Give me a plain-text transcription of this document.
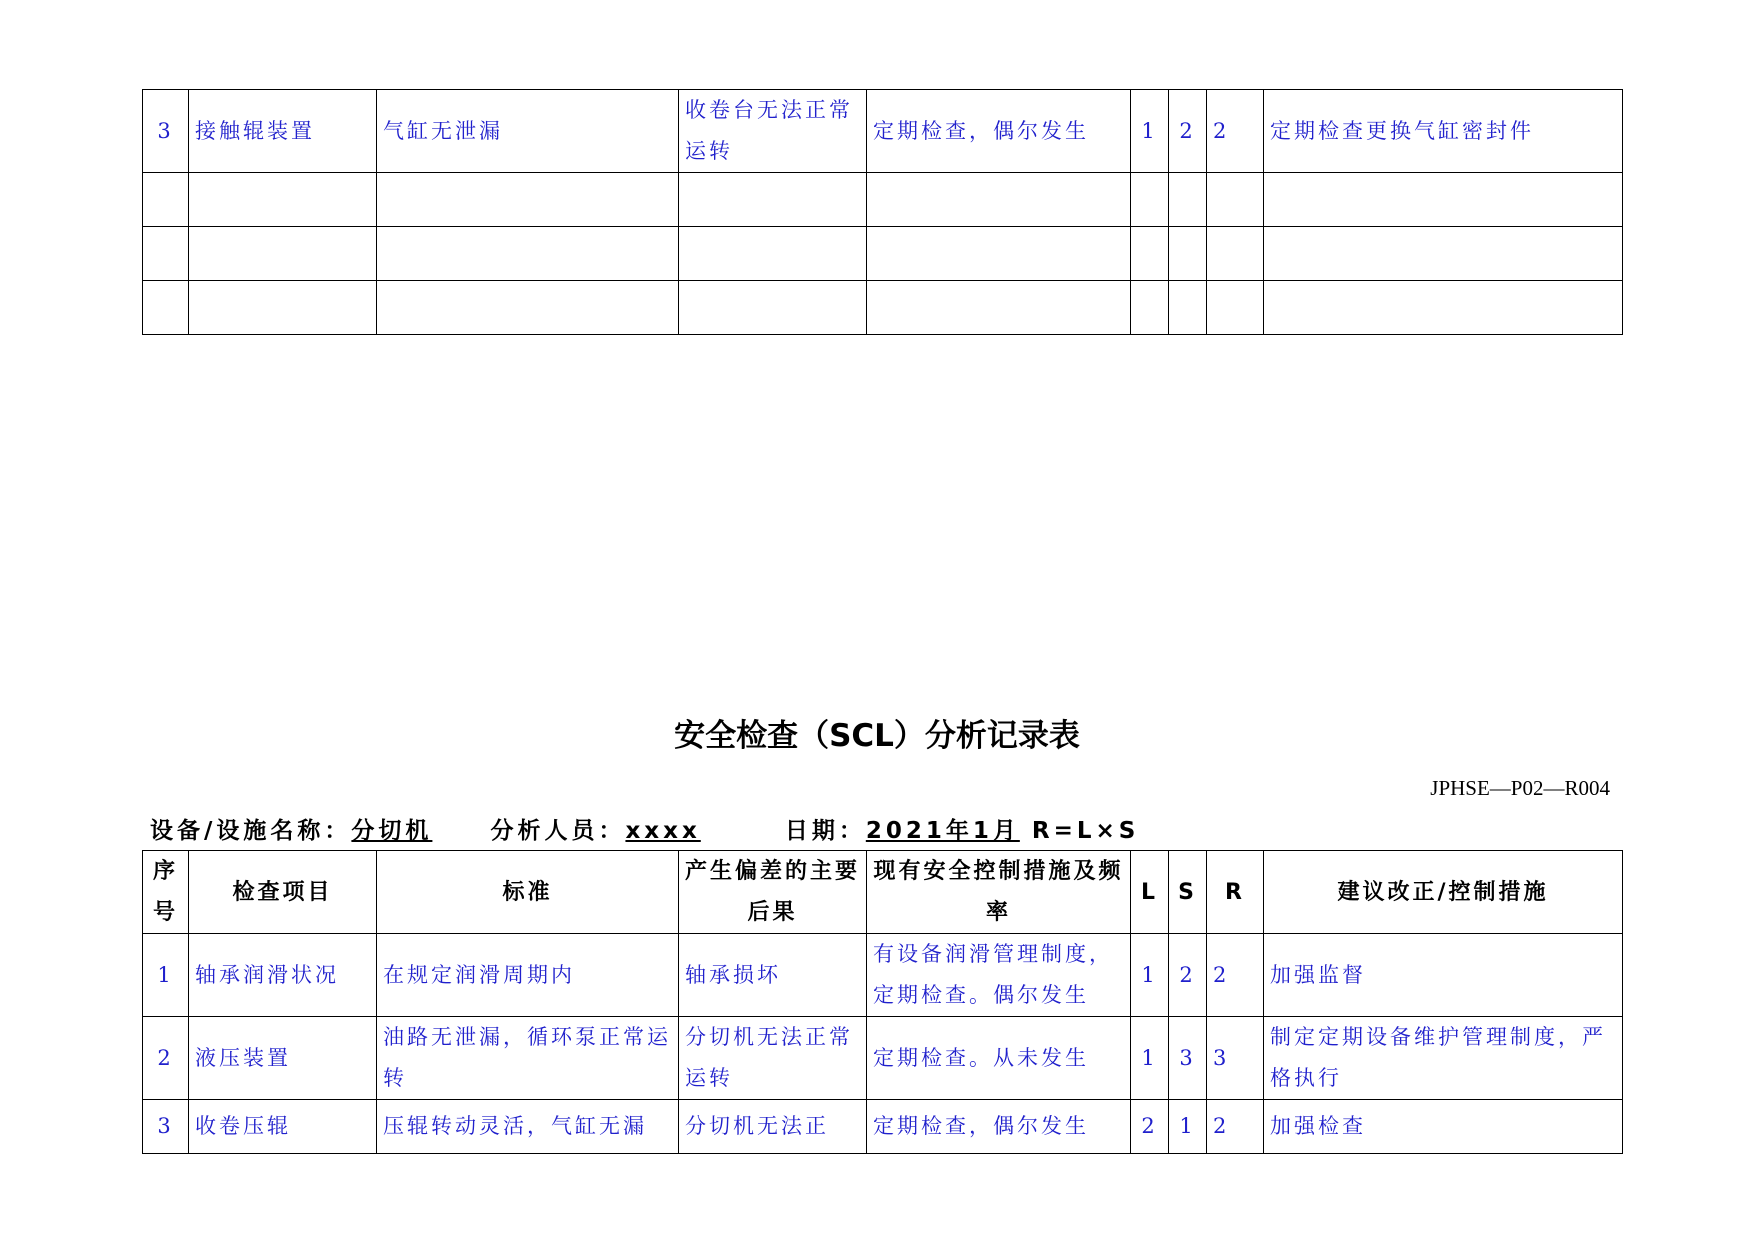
3	接触辊装置	气缸无泄漏	收卷台无法正常运转	定期检查，偶尔发生	1	2	2	定期检查更换气缸密封件

安全检查（SCL）分析记录表
JPHSE—P02—R004
设备/设施名称：分切机	分析人员：xxxx	日期：2021年1月 R=L×S
序号	检查项目	标准	产生偏差的主要后果	现有安全控制措施及频率	L	S	R	建议改正/控制措施
1	轴承润滑状况	在规定润滑周期内	轴承损坏	有设备润滑管理制度，定期检查。偶尔发生	1	2	2	加强监督
2	液压装置	油路无泄漏，循环泵正常运转	分切机无法正常运转	定期检查。从未发生	1	3	3	制定定期设备维护管理制度，严格执行
3	收卷压辊	压辊转动灵活，气缸无漏	分切机无法正	定期检查，偶尔发生	2	1	2	加强检查
